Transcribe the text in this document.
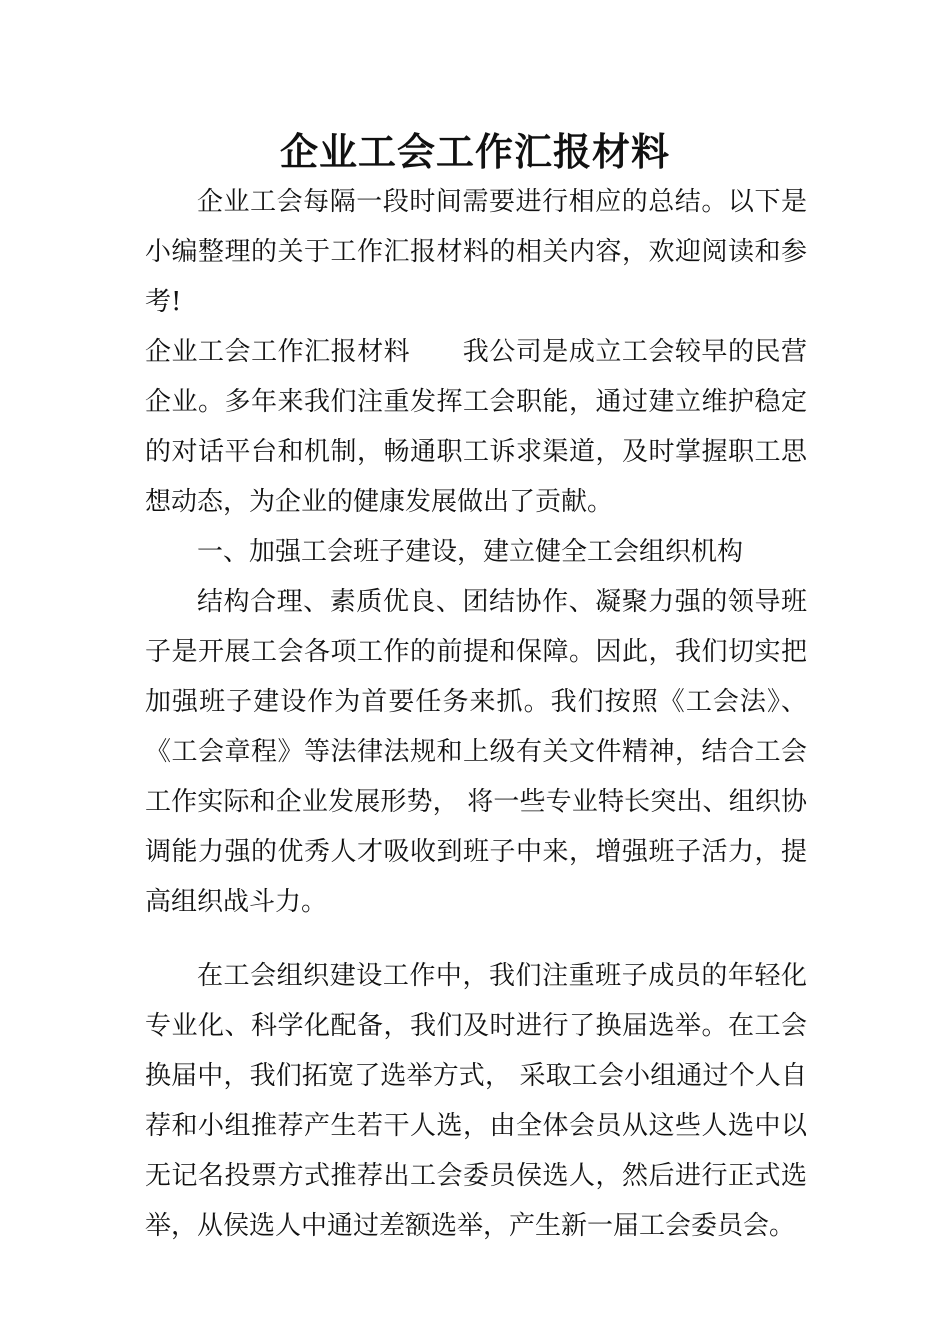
企业工会工作汇报材料

企业工会每隔一段时间需要进行相应的总结。以下是小编整理的关于工作汇报材料的相关内容，欢迎阅读和参考!

企业工会工作汇报材料 我公司是成立工会较早的民营企业。多年来我们注重发挥工会职能，通过建立维护稳定的对话平台和机制，畅通职工诉求渠道，及时掌握职工思想动态，为企业的健康发展做出了贡献。

一、加强工会班子建设，建立健全工会组织机构

结构合理、素质优良、团结协作、凝聚力强的领导班子是开展工会各项工作的前提和保障。因此，我们切实把加强班子建设作为首要任务来抓。我们按照《工会法》、《工会章程》等法律法规和上级有关文件精神，结合工会工作实际和企业发展形势， 将一些专业特长突出、组织协调能力强的优秀人才吸收到班子中来，增强班子活力，提高组织战斗力。

在工会组织建设工作中，我们注重班子成员的年轻化专业化、科学化配备，我们及时进行了换届选举。在工会换届中，我们拓宽了选举方式， 采取工会小组通过个人自荐和小组推荐产生若干人选，由全体会员从这些人选中以无记名投票方式推荐出工会委员侯选人，然后进行正式选举，从侯选人中通过差额选举，产生新一届工会委员会。
